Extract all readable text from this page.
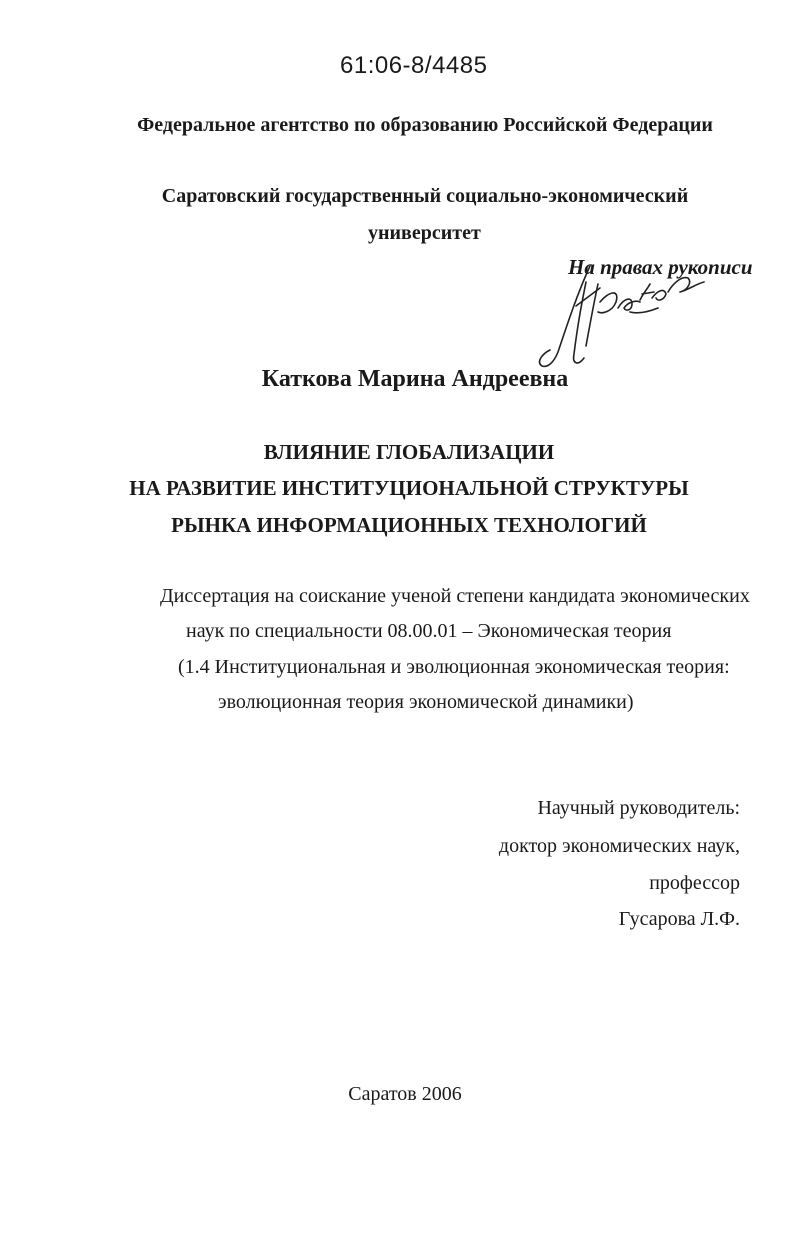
61:06-8/4485
Федеральное агентство по образованию Российской Федерации
Саратовский государственный социально-экономический
университет
На правах рукописи
Каткова Марина Андреевна
ВЛИЯНИЕ ГЛОБАЛИЗАЦИИ
НА РАЗВИТИЕ ИНСТИТУЦИОНАЛЬНОЙ СТРУКТУРЫ
РЫНКА ИНФОРМАЦИОННЫХ ТЕХНОЛОГИЙ
Диссертация на соискание ученой степени кандидата экономических
наук по специальности 08.00.01 – Экономическая теория
(1.4 Институциональная и эволюционная экономическая теория:
эволюционная теория экономической динамики)
Научный руководитель:
доктор экономических наук,
профессор
Гусарова Л.Ф.
Саратов 2006
